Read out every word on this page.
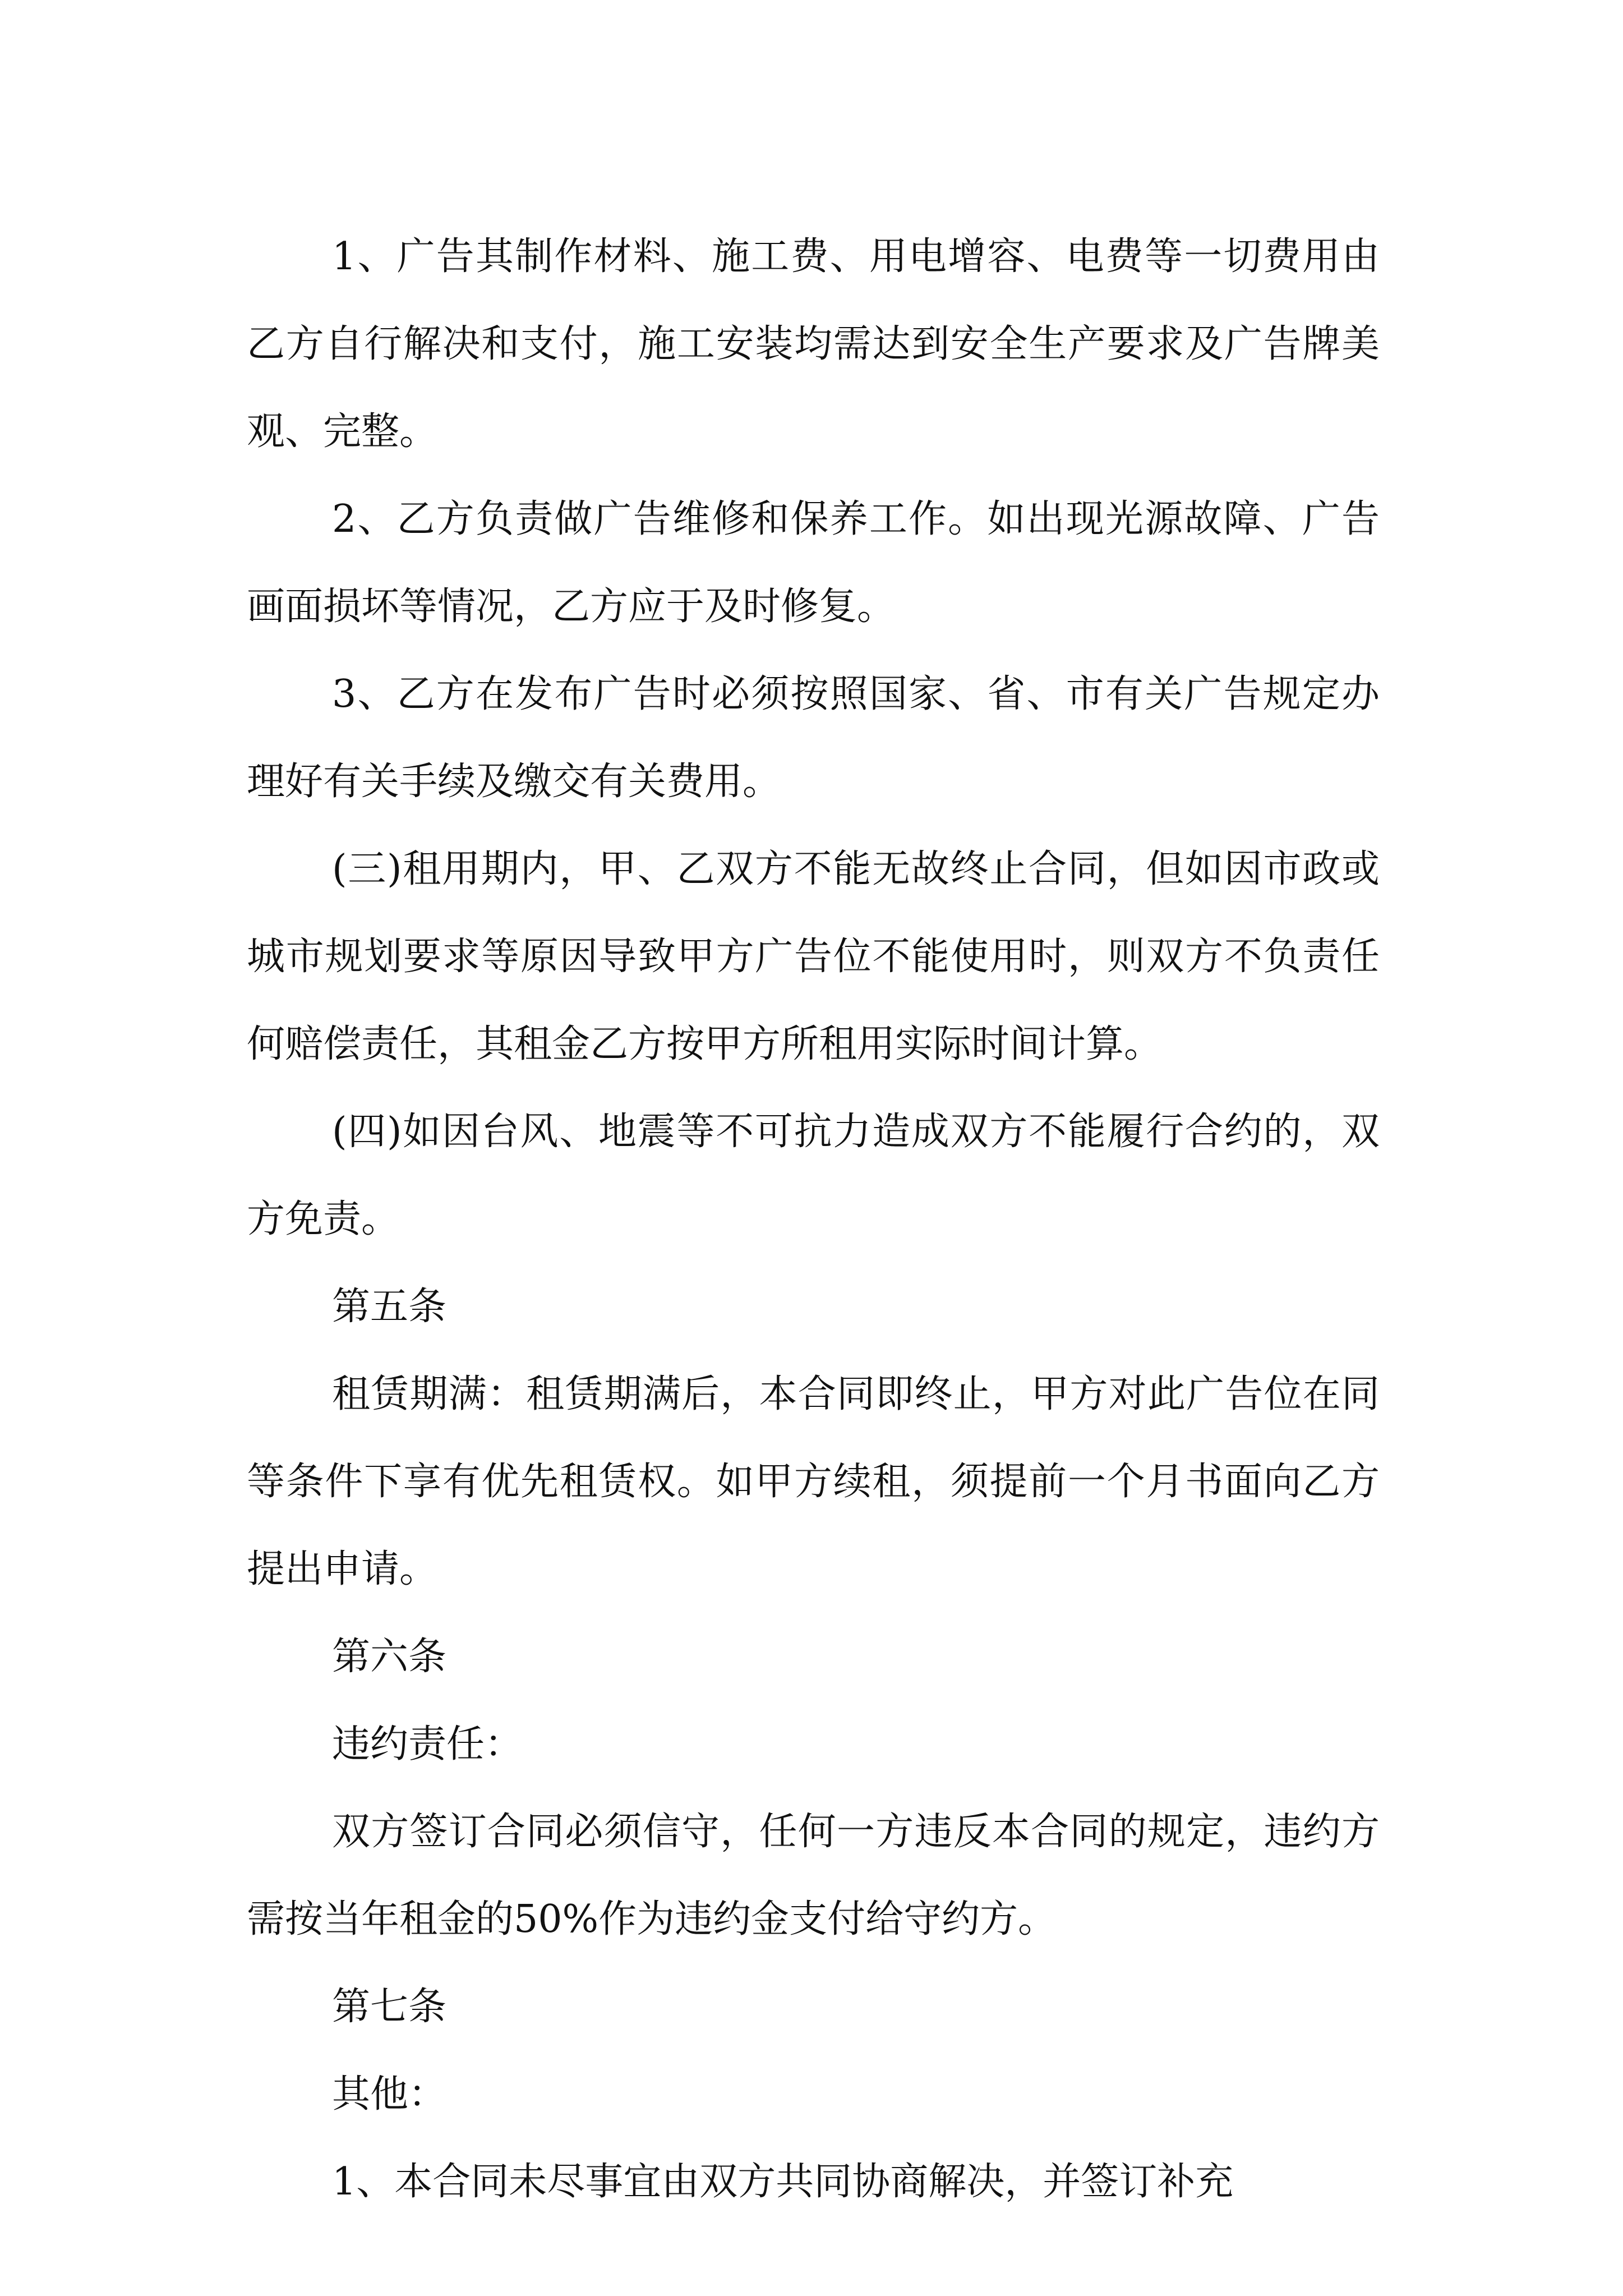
1、广告其制作材料、施工费、用电增容、电费等一切费用由乙方自行解决和支付，施工安装均需达到安全生产要求及广告牌美观、完整。

2、乙方负责做广告维修和保养工作。如出现光源故障、广告画面损坏等情况，乙方应于及时修复。

3、乙方在发布广告时必须按照国家、省、市有关广告规定办理好有关手续及缴交有关费用。

(三)租用期内，甲、乙双方不能无故终止合同，但如因市政或城市规划要求等原因导致甲方广告位不能使用时，则双方不负责任何赔偿责任，其租金乙方按甲方所租用实际时间计算。

(四)如因台风、地震等不可抗力造成双方不能履行合约的，双方免责。

第五条

租赁期满：租赁期满后，本合同即终止，甲方对此广告位在同等条件下享有优先租赁权。如甲方续租，须提前一个月书面向乙方提出申请。

第六条

违约责任：

双方签订合同必须信守，任何一方违反本合同的规定，违约方需按当年租金的50%作为违约金支付给守约方。

第七条

其他：

1、本合同未尽事宜由双方共同协商解决，并签订补充
